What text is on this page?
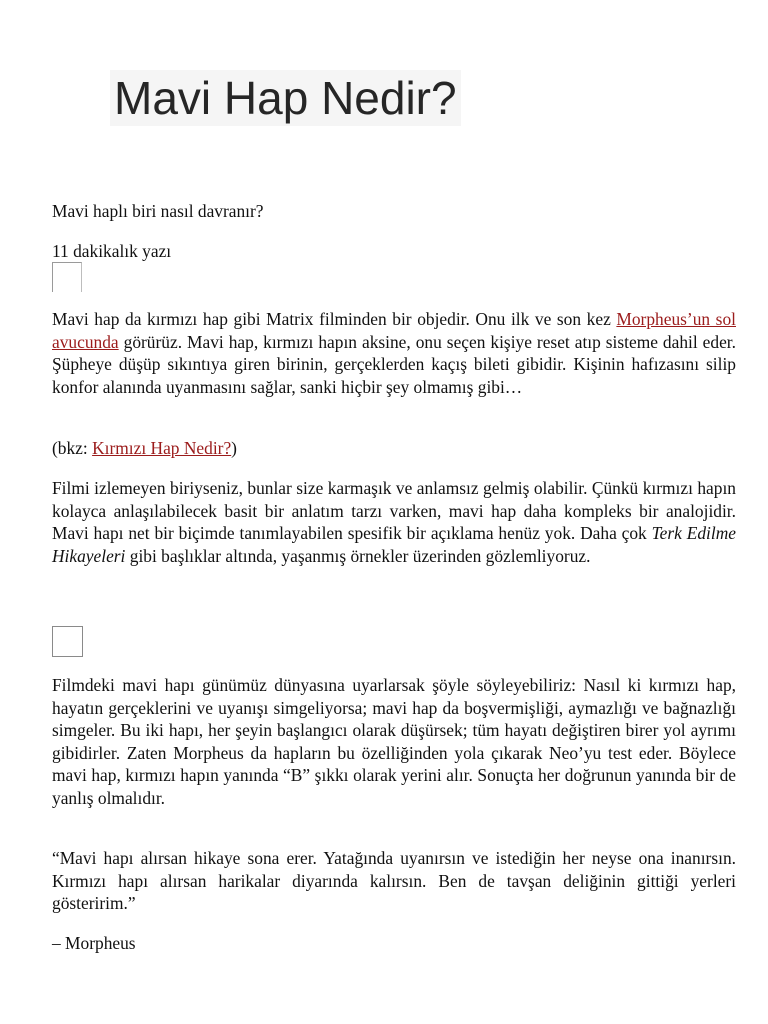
Mavi Hap Nedir?
Mavi haplı biri nasıl davranır?
11 dakikalık yazı
Mavi hap da kırmızı hap gibi Matrix filminden bir objedir. Onu ilk ve son kez Morpheus’un sol avucunda görürüz. Mavi hap, kırmızı hapın aksine, onu seçen kişiye reset atıp sisteme dahil eder. Şüpheye düşüp sıkıntıya giren birinin, gerçeklerden kaçış bileti gibidir. Kişinin hafızasını silip konfor alanında uyanmasını sağlar, sanki hiçbir şey olmamış gibi…
(bkz: Kırmızı Hap Nedir?)
Filmi izlemeyen biriyseniz, bunlar size karmaşık ve anlamsız gelmiş olabilir. Çünkü kırmızı hapın kolayca anlaşılabilecek basit bir anlatım tarzı varken, mavi hap daha kompleks bir analojidir. Mavi hapı net bir biçimde tanımlayabilen spesifik bir açıklama henüz yok. Daha çok Terk Edilme Hikayeleri gibi başlıklar altında, yaşanmış örnekler üzerinden gözlemliyoruz.
Filmdeki mavi hapı günümüz dünyasına uyarlarsak şöyle söyleyebiliriz: Nasıl ki kırmızı hap, hayatın gerçeklerini ve uyanışı simgeliyorsa; mavi hap da boşvermişliği, aymazlığı ve bağnazlığı simgeler. Bu iki hapı, her şeyin başlangıcı olarak düşürsek; tüm hayatı değiştiren birer yol ayrımı gibidirler. Zaten Morpheus da hapların bu özelliğinden yola çıkarak Neo’yu test eder. Böylece mavi hap, kırmızı hapın yanında “B” şıkkı olarak yerini alır. Sonuçta her doğrunun yanında bir de yanlış olmalıdır.
“Mavi hapı alırsan hikaye sona erer. Yatağında uyanırsın ve istediğin her neyse ona inanırsın. Kırmızı hapı alırsan harikalar diyarında kalırsın. Ben de tavşan deliğinin gittiği yerleri gösteririm.”
– Morpheus
